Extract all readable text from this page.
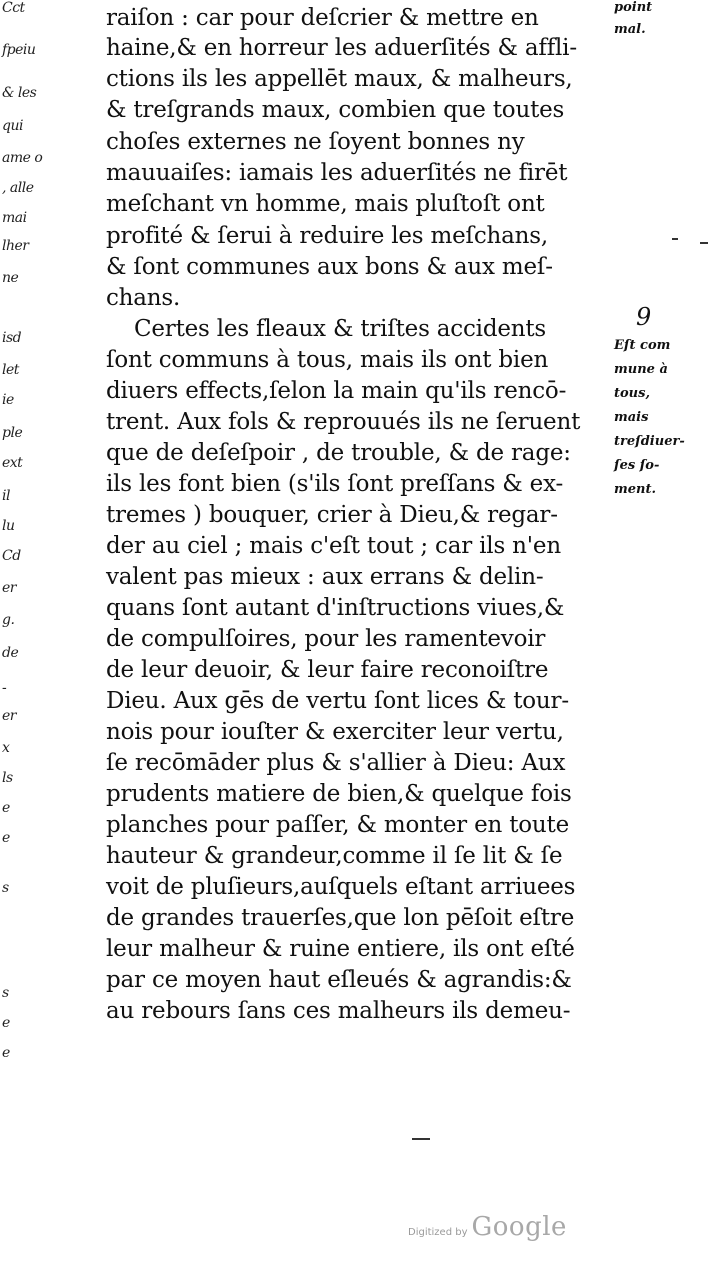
Cct
fpeiu
& les
qui
ame o
, alle
mai
lher
ne
isd
let
ie
ple
ext
il
lu
Cd
er
g.
de
-
er
x
ls
e
e
s
s
e
e
raiſon : car pour deſcrier & mettre en
haine,& en horreur les aduerſités & affli-
ctions ils les appellēt maux, & malheurs,
& treſgrands maux, combien que toutes
choſes externes ne ſoyent bonnes ny
mauuaiſes: iamais les aduerſités ne firēt
meſchant vn homme, mais pluſtoſt ont
profité & ſerui à reduire les meſchans,
& ſont communes aux bons & aux meſ-
chans.
Certes les fleaux & triſtes accidents
ſont communs à tous, mais ils ont bien
diuers effects,ſelon la main qu'ils rencō-
trent. Aux fols & reprouués ils ne ſeruent
que de deſeſpoir , de trouble, & de rage:
ils les font bien (s'ils ſont preſſans & ex-
tremes ) bouquer, crier à Dieu,& regar-
der au ciel ; mais c'eſt tout ; car ils n'en
valent pas mieux : aux errans & delin-
quans ſont autant d'inſtructions viues,&
de compulſoires, pour les ramentevoir
de leur deuoir, & leur faire reconoiſtre
Dieu. Aux gēs de vertu ſont lices & tour-
nois pour iouſter & exerciter leur vertu,
ſe recōmāder plus & s'allier à Dieu: Aux
prudents matiere de bien,& quelque fois
planches pour paſſer, & monter en toute
hauteur & grandeur,comme il ſe lit & ſe
voit de pluſieurs,auſquels eſtant arriuees
de grandes trauerſes,que lon pēſoit eſtre
leur malheur & ruine entiere, ils ont eſté
par ce moyen haut eſleués & agrandis:&
au rebours ſans ces malheurs ils demeu-
point
mal.
9
Eſt com
mune à
tous,
mais
treſdiuer-
ſes ſo-
ment.
Digitized by Google
